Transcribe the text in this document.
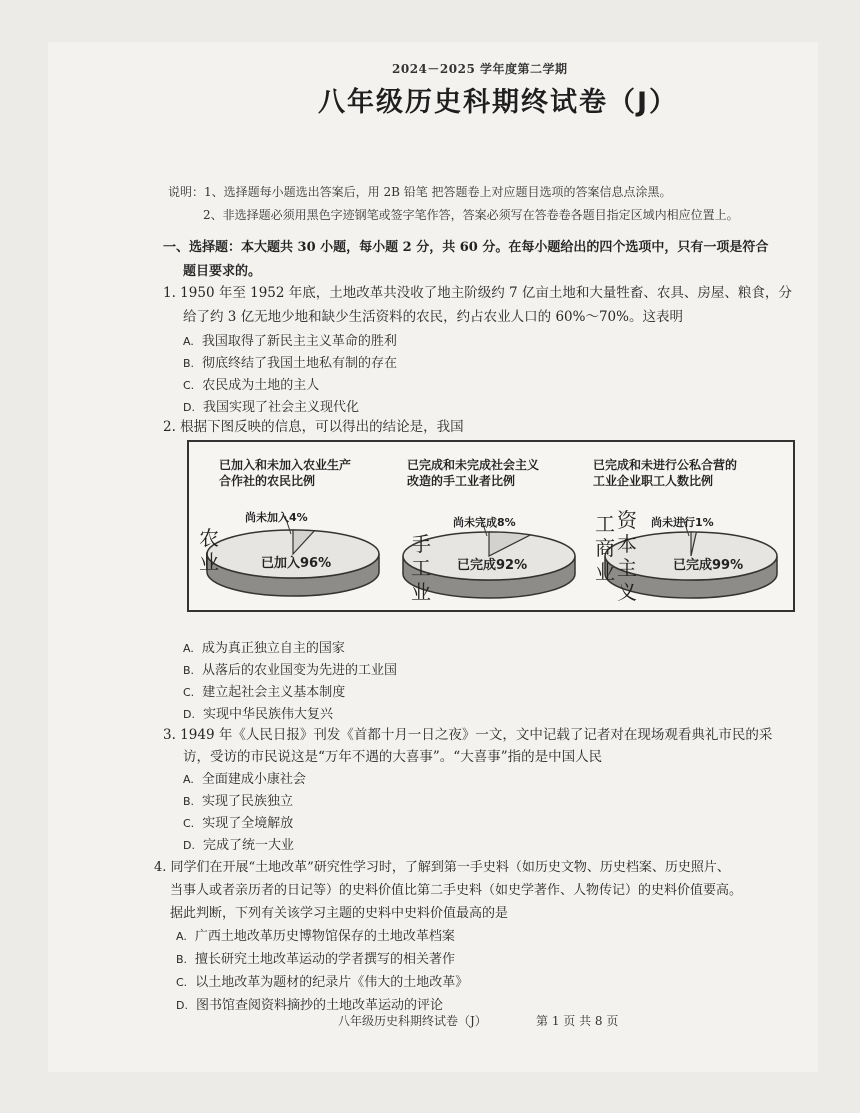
2024－2025 学年度第二学期
八年级历史科期终试卷（J）
说明：1、选择题每小题选出答案后，用 2B 铅笔 把答题卷上对应题目选项的答案信息点涂黑。
2、非选择题必须用黑色字迹钢笔或签字笔作答，答案必须写在答卷卷各题目指定区域内相应位置上。
一、选择题：本大题共 30 小题，每小题 2 分，共 60 分。在每小题给出的四个选项中，只有一项是符合
题目要求的。
1. 1950 年至 1952 年底，土地改革共没收了地主阶级约 7 亿亩土地和大量牲畜、农具、房屋、粮食，分
给了约 3 亿无地少地和缺少生活资料的农民，约占农业人口的 60%～70%。这表明
A. 我国取得了新民主主义革命的胜利
B. 彻底终结了我国土地私有制的存在
C. 农民成为土地的主人
D. 我国实现了社会主义现代化
2. 根据下图反映的信息，可以得出的结论是，我国
已加入和未加入农业生产
合作社的农民比例
已完成和未完成社会主义
改造的手工业者比例
已完成和未进行公私合营的
工业企业职工人数比例
农
业
手
工
业
工
商
业
资
本
主
义
尚未加入4%
已加入96%
尚未完成8%
已完成92%
尚未进行1%
已完成99%
A. 成为真正独立自主的国家
B. 从落后的农业国变为先进的工业国
C. 建立起社会主义基本制度
D. 实现中华民族伟大复兴
3. 1949 年《人民日报》刊发《首都十月一日之夜》一文，文中记载了记者对在现场观看典礼市民的采
访，受访的市民说这是“万年不遇的大喜事”。“大喜事”指的是中国人民
A. 全面建成小康社会
B. 实现了民族独立
C. 实现了全境解放
D. 完成了统一大业
4. 同学们在开展“土地改革”研究性学习时，了解到第一手史料（如历史文物、历史档案、历史照片、
当事人或者亲历者的日记等）的史料价值比第二手史料（如史学著作、人物传记）的史料价值要高。
据此判断，下列有关该学习主题的史料中史料价值最高的是
A. 广西土地改革历史博物馆保存的土地改革档案
B. 擅长研究土地改革运动的学者撰写的相关著作
C. 以土地改革为题材的纪录片《伟大的土地改革》
D. 图书馆查阅资料摘抄的土地改革运动的评论
八年级历史科期终试卷（J）	第 1 页 共 8 页
